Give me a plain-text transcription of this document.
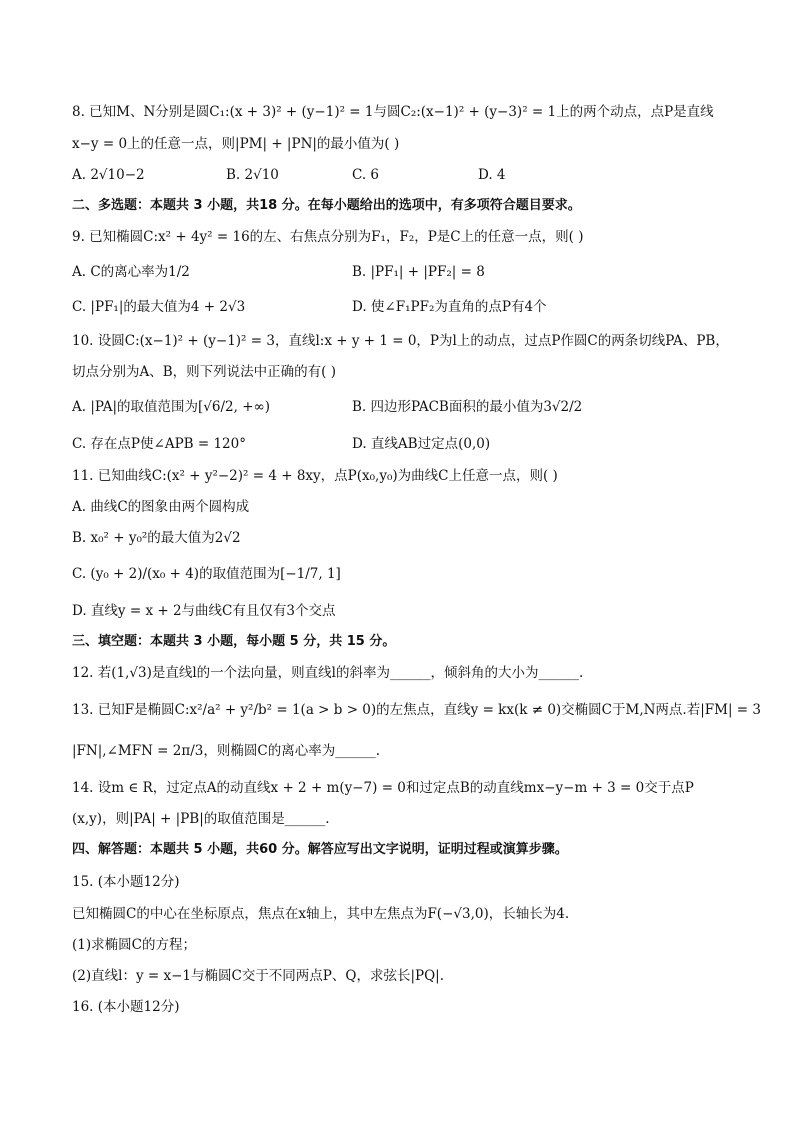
8. 已知M、N分别是圆C₁:(x + 3)² + (y−1)² = 1与圆C₂:(x−1)² + (y−3)² = 1上的两个动点，点P是直线
x−y = 0上的任意一点，则|PM| + |PN|的最小值为( )
A. 2√10−2	B. 2√10	C. 6	D. 4
二、多选题：本题共 3 小题，共18 分。在每小题给出的选项中，有多项符合题目要求。
9. 已知椭圆C:x² + 4y² = 16的左、右焦点分别为F₁，F₂，P是C上的任意一点，则( )
A. C的离心率为1/2	B. |PF₁| + |PF₂| = 8
C. |PF₁|的最大值为4 + 2√3	D. 使∠F₁PF₂为直角的点P有4个
10. 设圆C:(x−1)² + (y−1)² = 3，直线l:x + y + 1 = 0，P为l上的动点，过点P作圆C的两条切线PA、PB，
切点分别为A、B，则下列说法中正确的有( )
A. |PA|的取值范围为[√6/2, +∞)	B. 四边形PACB面积的最小值为3√2/2
C. 存在点P使∠APB = 120°	D. 直线AB过定点(0,0)
11. 已知曲线C:(x² + y²−2)² = 4 + 8xy，点P(x₀,y₀)为曲线C上任意一点，则( )
A. 曲线C的图象由两个圆构成
B. x₀² + y₀²的最大值为2√2
C. (y₀ + 2)/(x₀ + 4)的取值范围为[−1/7, 1]
D. 直线y = x + 2与曲线C有且仅有3个交点
三、填空题：本题共 3 小题，每小题 5 分，共 15 分。
12. 若(1,√3)是直线l的一个法向量，则直线l的斜率为______，倾斜角的大小为______.
13. 已知F是椭圆C:x²/a² + y²/b² = 1(a > b > 0)的左焦点，直线y = kx(k ≠ 0)交椭圆C于M,N两点.若|FM| = 3
|FN|,∠MFN = 2π/3，则椭圆C的离心率为______.
14. 设m ∈ R，过定点A的动直线x + 2 + m(y−7) = 0和过定点B的动直线mx−y−m + 3 = 0交于点P
(x,y)，则|PA| + |PB|的取值范围是______.
四、解答题：本题共 5 小题，共60 分。解答应写出文字说明，证明过程或演算步骤。
15. (本小题12分)
已知椭圆C的中心在坐标原点，焦点在x轴上，其中左焦点为F(−√3,0)，长轴长为4.
(1)求椭圆C的方程；
(2)直线l：y = x−1与椭圆C交于不同两点P、Q，求弦长|PQ|.
16. (本小题12分)
